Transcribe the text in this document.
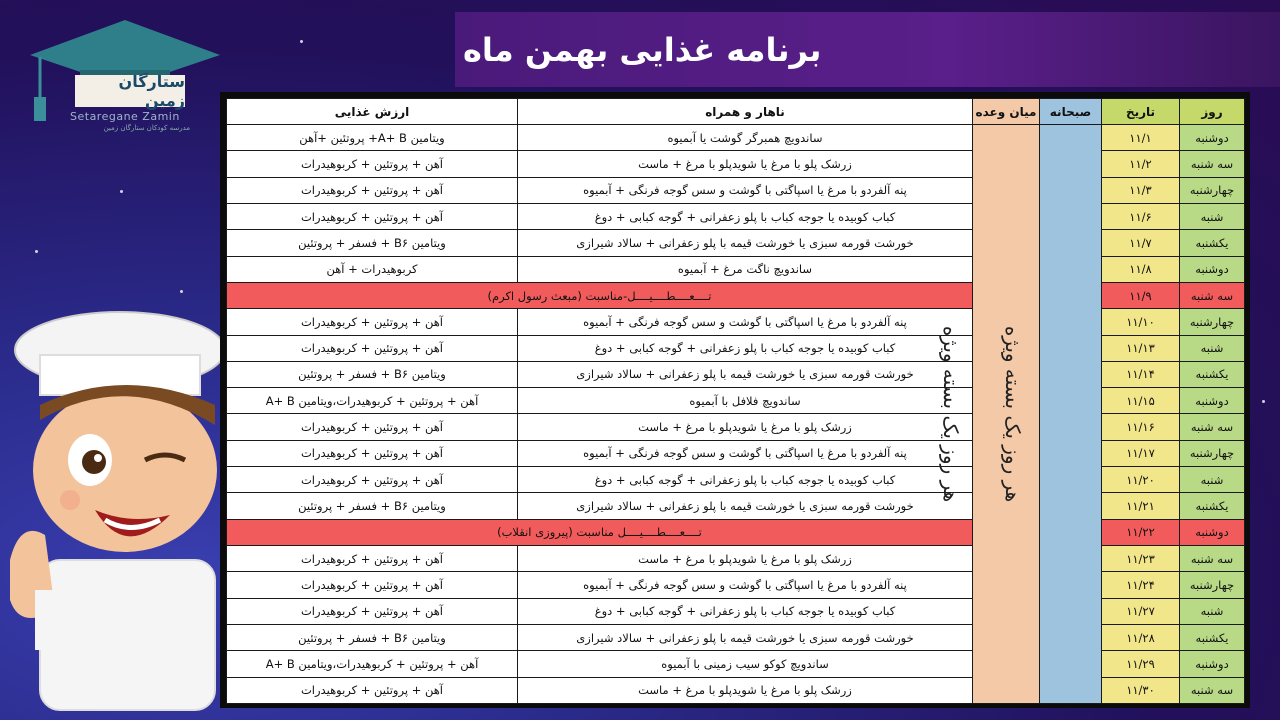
ستارگان زمین
Setaregane Zamin
مدرسه کودکان ستارگان زمین
برنامه غذایی بهمن ماه
روز	تاریخ	صبحانه	میان وعده	ناهار و همراه	ارزش غذایی
دوشنبه	۱۱/۱	هر روز یک بسته ویژه	هر روز یک بسته ویژه	ساندویچ همبرگر گوشت یا آبمیوه	ویتامین A+ B+ پروتئین +آهن
سه شنبه	۱۱/۲			زرشک پلو با مرغ یا شویدپلو با مرغ + ماست	آهن + پروتئین + کربوهیدرات
چهارشنبه	۱۱/۳			پنه آلفردو با مرغ یا اسپاگتی با گوشت و سس گوجه فرنگی + آبمیوه	آهن + پروتئین + کربوهیدرات
شنبه	۱۱/۶			کباب کوبیده یا جوجه کباب با پلو زعفرانی + گوجه کبابی + دوغ	آهن + پروتئین + کربوهیدرات
یکشنبه	۱۱/۷			خورشت قورمه سبزی یا خورشت قیمه با پلو زعفرانی + سالاد شیرازی	ویتامین B۶ + فسفر + پروتئین
دوشنبه	۱۱/۸			ساندویچ ناگت مرغ + آبمیوه	کربوهیدرات + آهن
سه شنبه	۱۱/۹			تــــعــــطــــیــــل-مناسبت (مبعث رسول اکرم)	
چهارشنبه	۱۱/۱۰			پنه آلفردو با مرغ یا اسپاگتی با گوشت و سس گوجه فرنگی + آبمیوه	آهن + پروتئین + کربوهیدرات
شنبه	۱۱/۱۳			کباب کوبیده یا جوجه کباب با پلو زعفرانی + گوجه کبابی + دوغ	آهن + پروتئین + کربوهیدرات
یکشنبه	۱۱/۱۴			خورشت قورمه سبزی یا خورشت قیمه با پلو زعفرانی + سالاد شیرازی	ویتامین B۶ + فسفر + پروتئین
دوشنبه	۱۱/۱۵			ساندویچ فلافل با آبمیوه	آهن + پروتئین + کربوهیدرات،ویتامین A+ B
سه شنبه	۱۱/۱۶			زرشک پلو با مرغ یا شویدپلو با مرغ + ماست	آهن + پروتئین + کربوهیدرات
چهارشنبه	۱۱/۱۷			پنه آلفردو با مرغ یا اسپاگتی با گوشت و سس گوجه فرنگی + آبمیوه	آهن + پروتئین + کربوهیدرات
شنبه	۱۱/۲۰			کباب کوبیده یا جوجه کباب با پلو زعفرانی + گوجه کبابی + دوغ	آهن + پروتئین + کربوهیدرات
یکشنبه	۱۱/۲۱			خورشت قورمه سبزی یا خورشت قیمه با پلو زعفرانی + سالاد شیرازی	ویتامین B۶ + فسفر + پروتئین
دوشنبه	۱۱/۲۲			تــــعــــطــــیــــل مناسبت (پیروزی انقلاب)	
سه شنبه	۱۱/۲۳			زرشک پلو با مرغ یا شویدپلو با مرغ + ماست	آهن + پروتئین + کربوهیدرات
چهارشنبه	۱۱/۲۴			پنه آلفردو با مرغ یا اسپاگتی با گوشت و سس گوجه فرنگی + آبمیوه	آهن + پروتئین + کربوهیدرات
شنبه	۱۱/۲۷			کباب کوبیده یا جوجه کباب با پلو زعفرانی + گوجه کبابی + دوغ	آهن + پروتئین + کربوهیدرات
یکشنبه	۱۱/۲۸			خورشت قورمه سبزی یا خورشت قیمه با پلو زعفرانی + سالاد شیرازی	ویتامین B۶ + فسفر + پروتئین
دوشنبه	۱۱/۲۹			ساندویچ کوکو سیب زمینی با آبمیوه	آهن + پروتئین + کربوهیدرات،ویتامین A+ B
سه شنبه	۱۱/۳۰			زرشک پلو با مرغ یا شویدپلو با مرغ + ماست	آهن + پروتئین + کربوهیدرات
